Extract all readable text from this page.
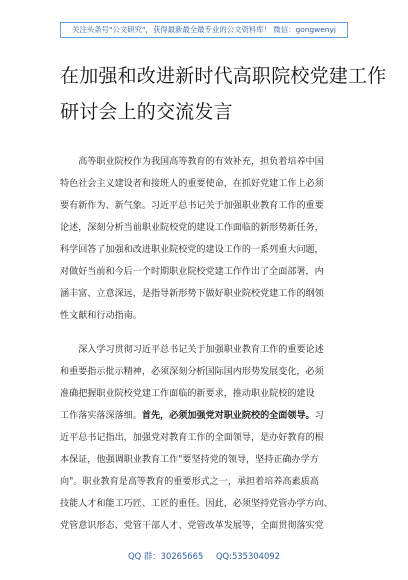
关注头条号"公文研究"，获得最新最全最专业的公文资料库！ 微信：gongwenyj
在加强和改进新时代高职院校党建工作
研讨会上的交流发言
高等职业院校作为我国高等教育的有效补充，担负着培养中国
特色社会主义建设者和接班人的重要使命，在抓好党建工作上必须
要有新作为、新气象。习近平总书记关于加强职业教育工作的重要
论述，深刻分析当前职业院校党的建设工作面临的新形势新任务，
科学回答了加强和改进职业院校党的建设工作的一系列重大问题，
对做好当前和今后一个时期职业院校党建工作作出了全面部署，内
涵丰富、立意深远，是指导新形势下做好职业院校党建工作的纲领
性文献和行动指南。
深入学习贯彻习近平总书记关于加强职业教育工作的重要论述
和重要指示批示精神，必须深刻分析国际国内形势发展变化，必须
准确把握职业院校党建工作面临的新要求，推动职业院校的建设
工作落实落深落细。首先，必须加强党对职业院校的全面领导。习
近平总书记指出，加强党对教育工作的全面领导，是办好教育的根
本保证，他强调职业教育工作"要坚持党的领导，坚持正确办学方
向"。职业教育是高等教育的重要形式之一，承担着培养高素质高
技能人才和能工巧匠、工匠的重任。因此，必须坚持党管办学方向、
党管意识形态、党管干部人才、党管改革发展等，全面贯彻落实党
QQ 群：30265665 QQ:535304092
